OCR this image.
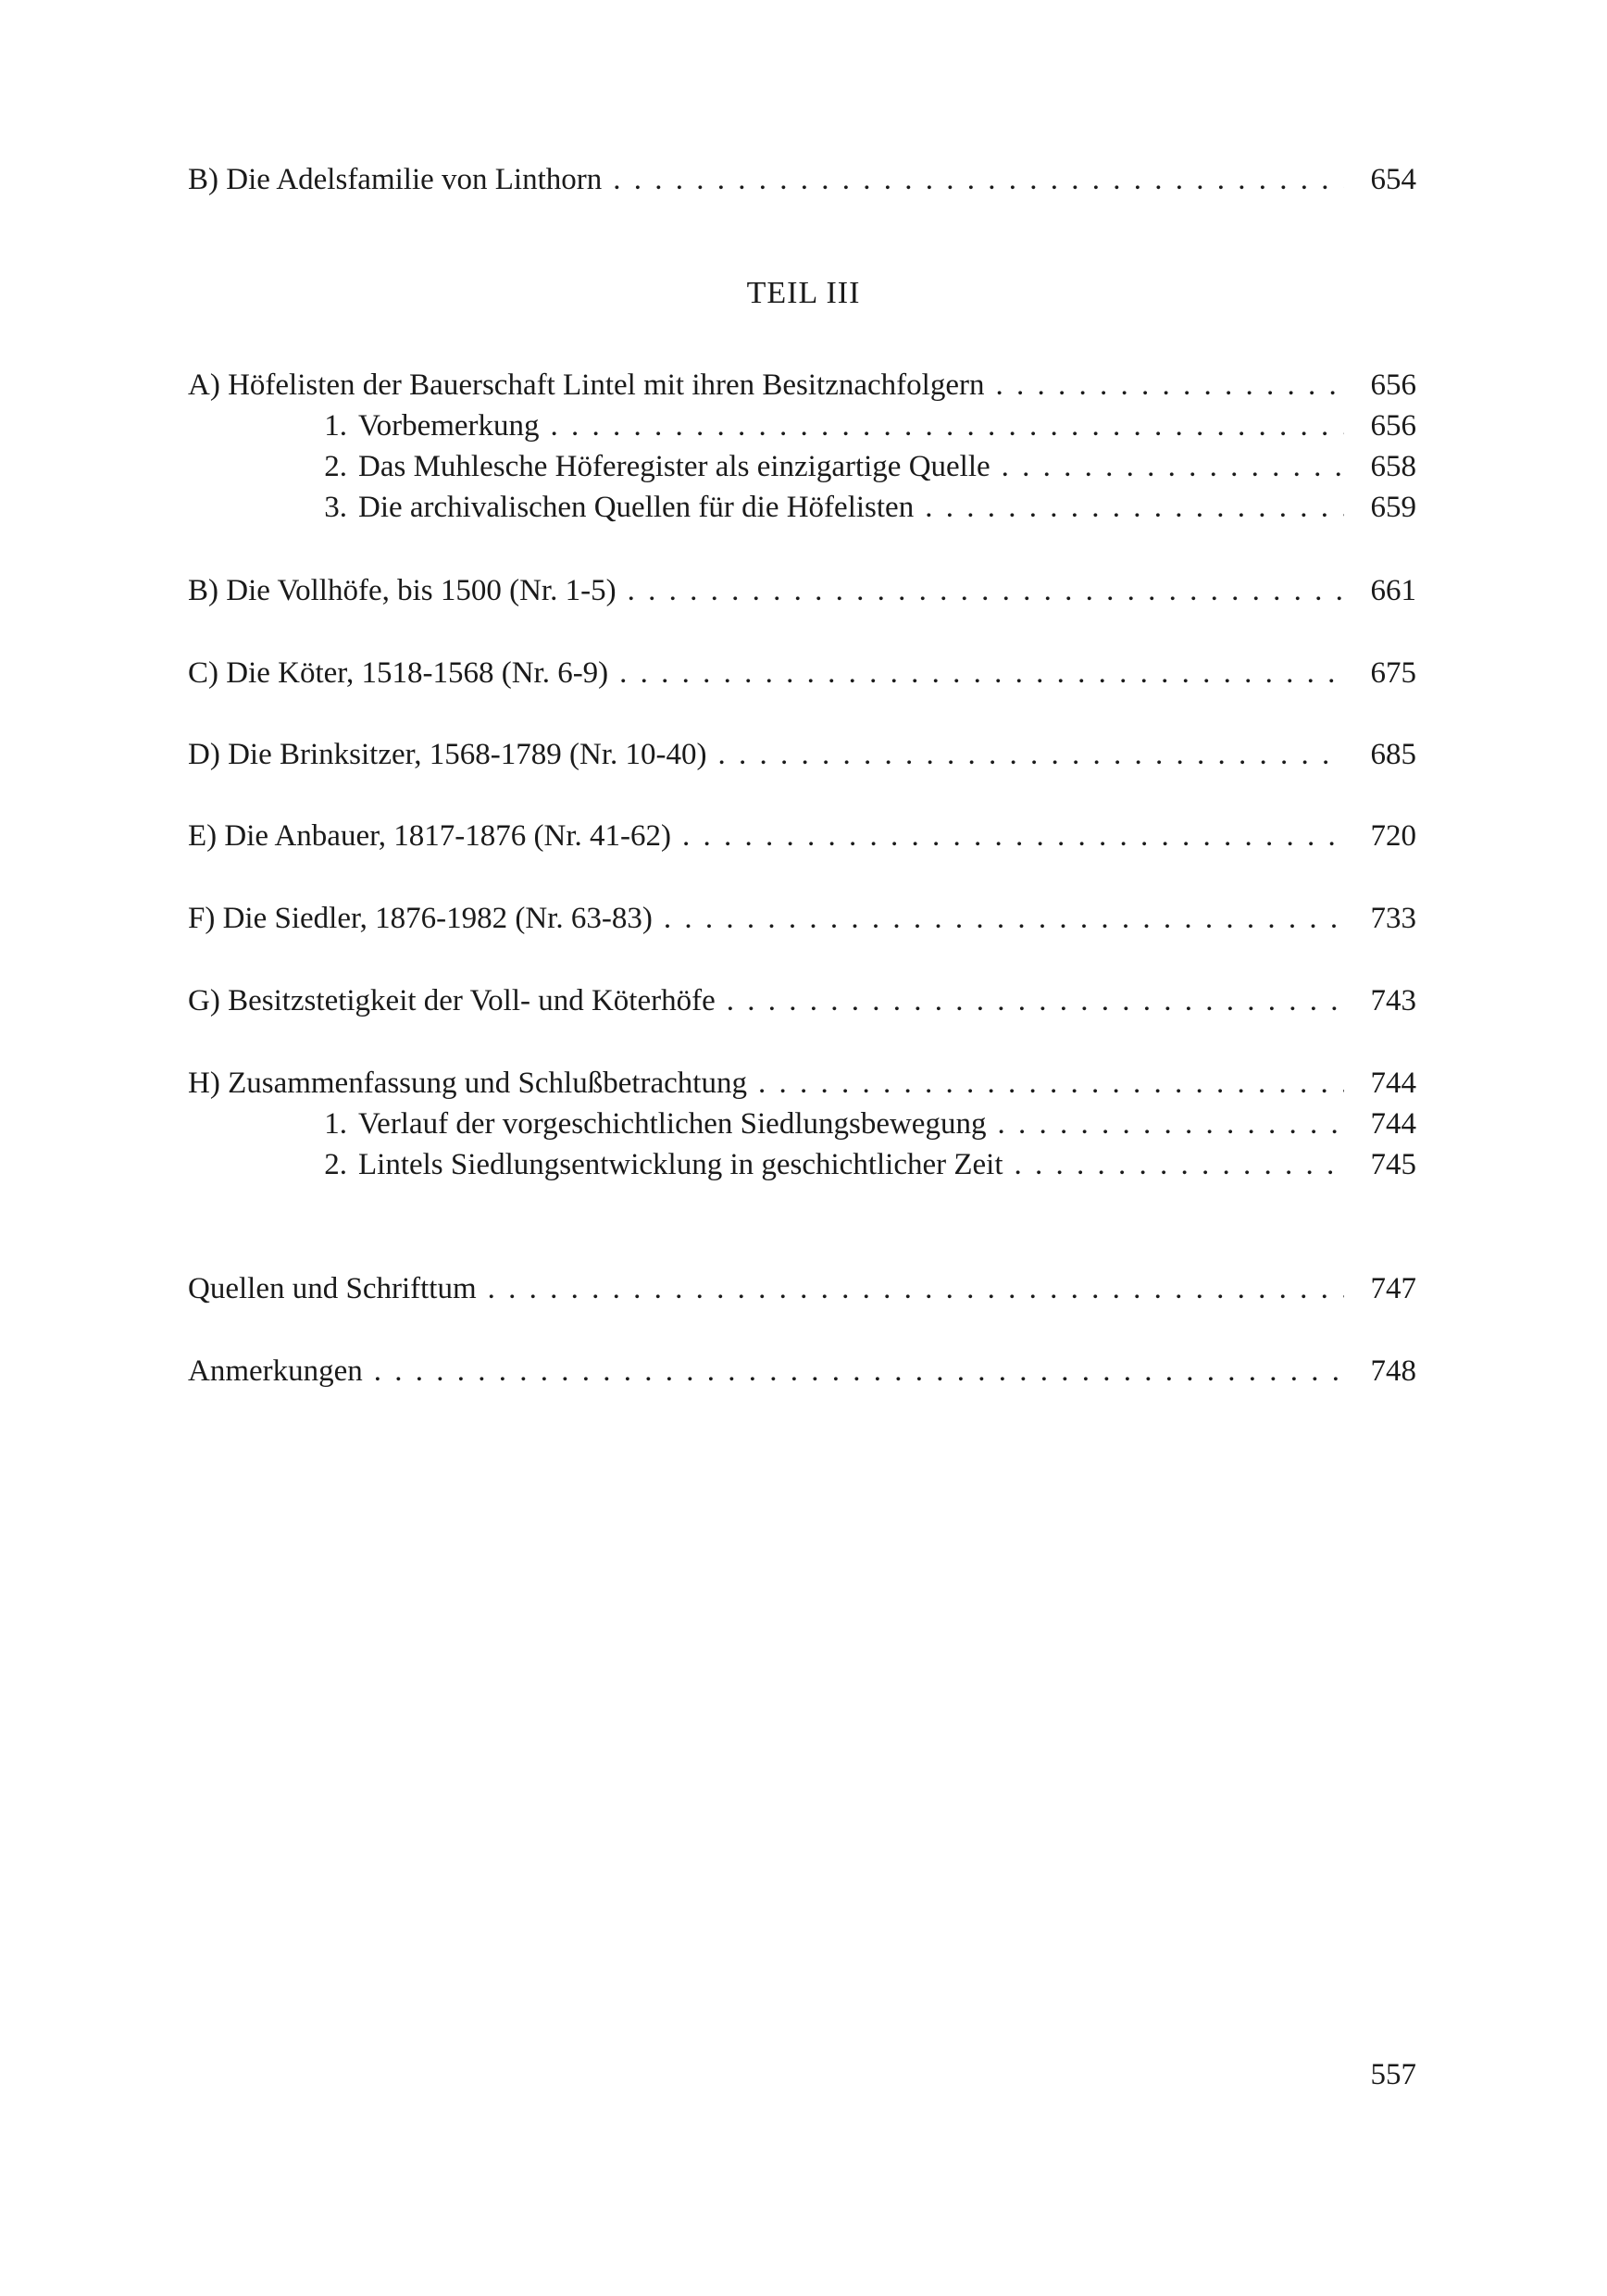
B) Die Adelsfamilie von Linthorn . . .	654
TEIL III
A) Höfelisten der Bauerschaft Lintel mit ihren Besitznachfolgern . . .	656
1. Vorbemerkung . . .	656
2. Das Muhlesche Höferegister als einzigartige Quelle . . .	658
3. Die archivalischen Quellen für die Höfelisten . . .	659
B) Die Vollhöfe, bis 1500 (Nr. 1-5) . . .	661
C) Die Köter, 1518-1568 (Nr. 6-9) . . .	675
D) Die Brinksitzer, 1568-1789 (Nr. 10-40) . . .	685
E) Die Anbauer, 1817-1876 (Nr. 41-62) . . .	720
F) Die Siedler, 1876-1982 (Nr. 63-83) . . .	733
G) Besitzstetigkeit der Voll- und Köterhöfe . . .	743
H) Zusammenfassung und Schlußbetrachtung . . .	744
1. Verlauf der vorgeschichtlichen Siedlungsbewegung . . .	744
2. Lintels Siedlungsentwicklung in geschichtlicher Zeit . . .	745
Quellen und Schrifttum . . .	747
Anmerkungen . . .	748
557
